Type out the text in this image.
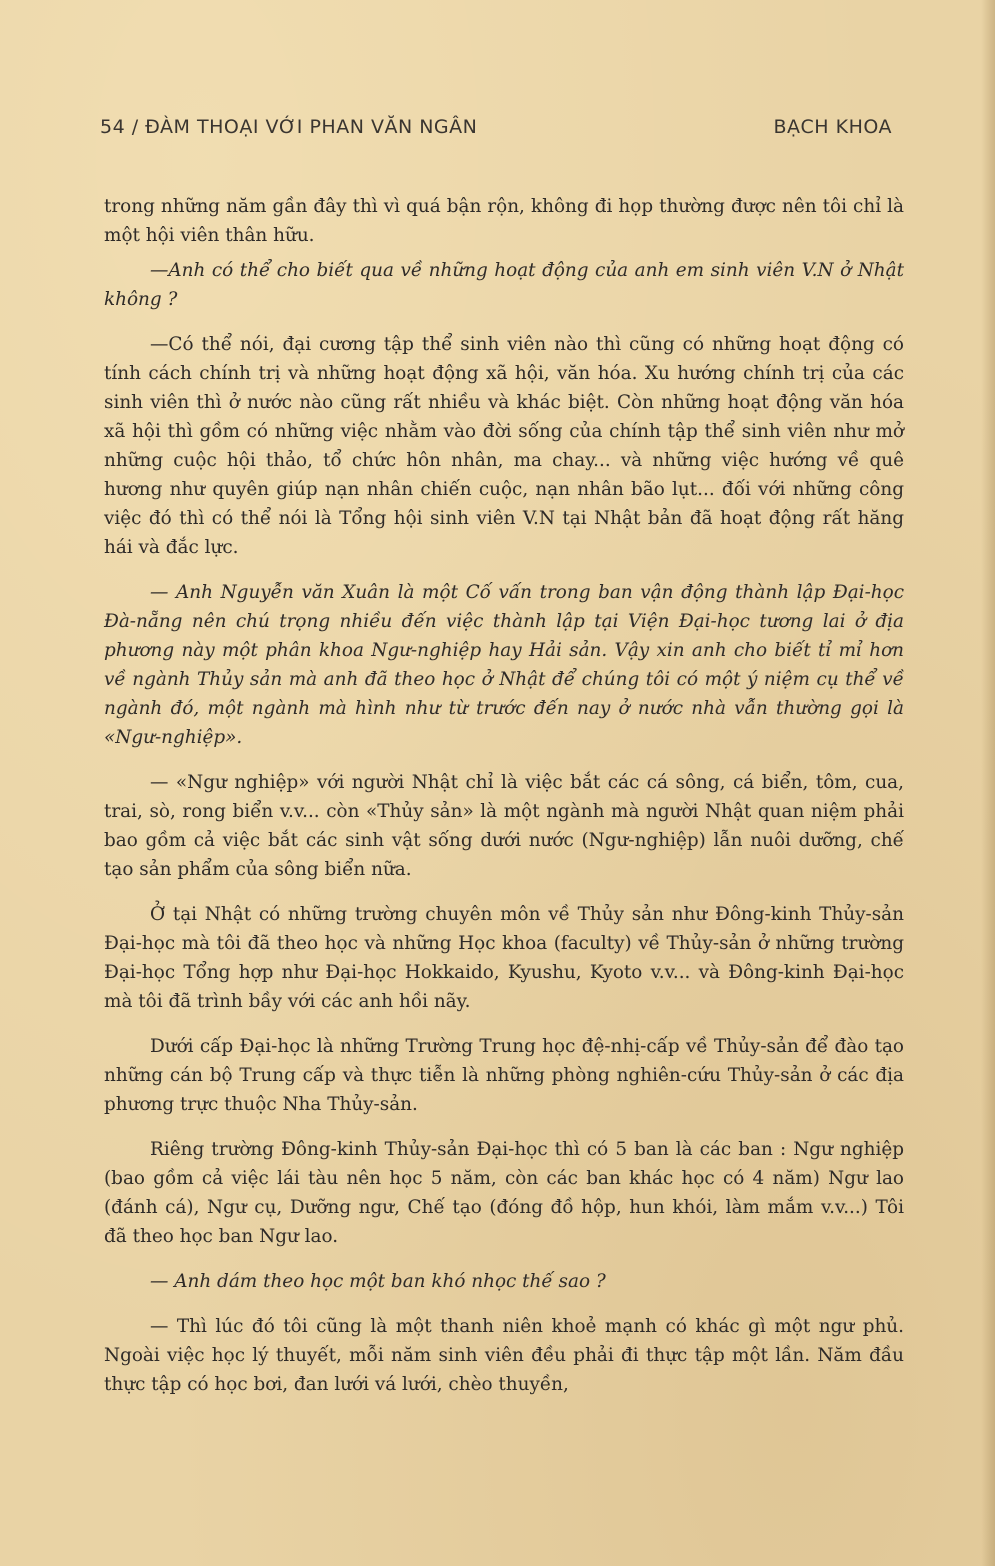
54 / ĐÀM THOẠI VỚI PHAN VĂN NGÂN	BẠCH KHOA

trong những năm gần đây thì vì quá bận rộn, không đi họp thường được nên tôi chỉ là một hội viên thân hữu.

—Anh có thể cho biết qua về những hoạt động của anh em sinh viên V.N ở Nhật không ?

—Có thể nói, đại cương tập thể sinh viên nào thì cũng có những hoạt động có tính cách chính trị và những hoạt động xã hội, văn hóa. Xu hướng chính trị của các sinh viên thì ở nước nào cũng rất nhiều và khác biệt. Còn những hoạt động văn hóa xã hội thì gồm có những việc nhằm vào đời sống của chính tập thể sinh viên như mở những cuộc hội thảo, tổ chức hôn nhân, ma chay... và những việc hướng về quê hương như quyên giúp nạn nhân chiến cuộc, nạn nhân bão lụt... đối với những công việc đó thì có thể nói là Tổng hội sinh viên V.N tại Nhật bản đã hoạt động rất hăng hái và đắc lực.

— Anh Nguyễn văn Xuân là một Cố vấn trong ban vận động thành lập Đại-học Đà-nẵng nên chú trọng nhiều đến việc thành lập tại Viện Đại-học tương lai ở địa phương này một phân khoa Ngư-nghiệp hay Hải sản. Vậy xin anh cho biết tỉ mỉ hơn về ngành Thủy sản mà anh đã theo học ở Nhật để chúng tôi có một ý niệm cụ thể về ngành đó, một ngành mà hình như từ trước đến nay ở nước nhà vẫn thường gọi là «Ngư-nghiệp».

— «Ngư nghiệp» với người Nhật chỉ là việc bắt các cá sông, cá biển, tôm, cua, trai, sò, rong biển v.v... còn «Thủy sản» là một ngành mà người Nhật quan niệm phải bao gồm cả việc bắt các sinh vật sống dưới nước (Ngư-nghiệp) lẫn nuôi dưỡng, chế tạo sản phẩm của sông biển nữa.

Ở tại Nhật có những trường chuyên môn về Thủy sản như Đông-kinh Thủy-sản Đại-học mà tôi đã theo học và những Học khoa (faculty) về Thủy-sản ở những trường Đại-học Tổng hợp như Đại-học Hokkaido, Kyushu, Kyoto v.v... và Đông-kinh Đại-học mà tôi đã trình bầy với các anh hồi nãy.

Dưới cấp Đại-học là những Trường Trung học đệ-nhị-cấp về Thủy-sản để đào tạo những cán bộ Trung cấp và thực tiễn là những phòng nghiên-cứu Thủy-sản ở các địa phương trực thuộc Nha Thủy-sản.

Riêng trường Đông-kinh Thủy-sản Đại-học thì có 5 ban là các ban : Ngư nghiệp (bao gồm cả việc lái tàu nên học 5 năm, còn các ban khác học có 4 năm) Ngư lao (đánh cá), Ngư cụ, Dưỡng ngư, Chế tạo (đóng đồ hộp, hun khói, làm mắm v.v...) Tôi đã theo học ban Ngư lao.

— Anh dám theo học một ban khó nhọc thế sao ?

— Thì lúc đó tôi cũng là một thanh niên khoẻ mạnh có khác gì một ngư phủ. Ngoài việc học lý thuyết, mỗi năm sinh viên đều phải đi thực tập một lần. Năm đầu thực tập có học bơi, đan lưới vá lưới, chèo thuyền,
